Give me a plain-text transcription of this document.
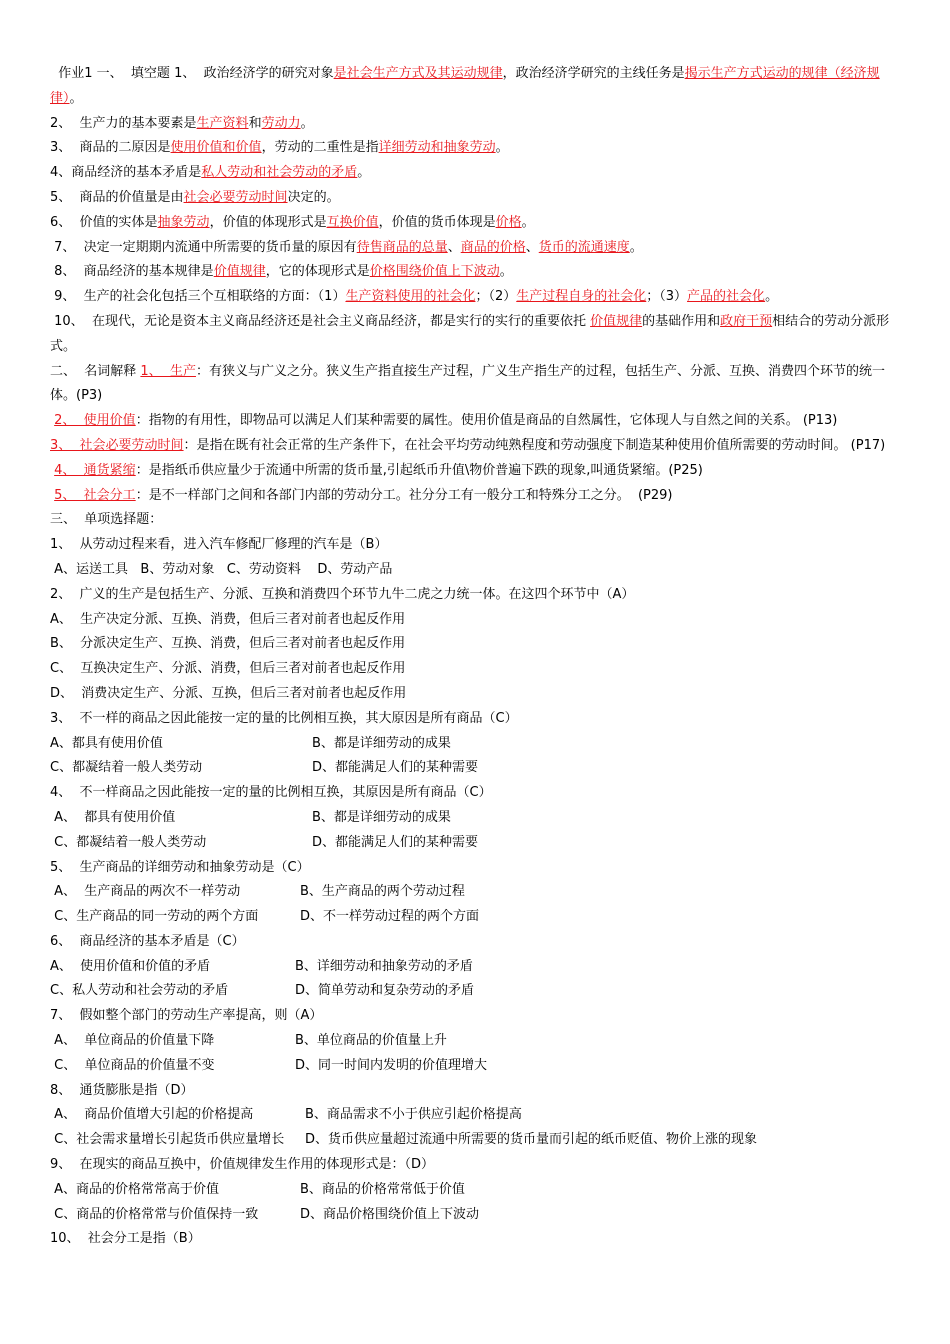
作业1 一、  填空题 1、  政治经济学的研究对象是社会生产方式及其运动规律，政治经济学研究的主线任务是揭示生产方式运动的规律（经济规律）。

2、  生产力的基本要素是生产资料和劳动力。

3、  商品的二原因是使用价值和价值，劳动的二重性是指详细劳动和抽象劳动。

4、商品经济的基本矛盾是私人劳动和社会劳动的矛盾。

5、  商品的价值量是由社会必要劳动时间决定的。

6、  价值的实体是抽象劳动，价值的体现形式是互换价值，价值的货币体现是价格。

7、  决定一定期期内流通中所需要的货币量的原因有待售商品的总量、商品的价格、货币的流通速度。

8、  商品经济的基本规律是价值规律，它的体现形式是价格围绕价值上下波动。

9、  生产的社会化包括三个互相联络的方面：（1）生产资料使用的社会化；（2）生产过程自身的社会化；（3）产品的社会化。

10、  在现代，无论是资本主义商品经济还是社会主义商品经济，都是实行的实行的重要依托 价值规律的基础作用和政府干预相结合的劳动分派形式。

二、  名词解释 1、  生产：有狭义与广义之分。狭义生产指直接生产过程，广义生产指生产的过程，包括生产、分派、互换、消费四个环节的统一体。(P3)

2、  使用价值：指物的有用性，即物品可以满足人们某种需要的属性。使用价值是商品的自然属性，它体现人与自然之间的关系。 (P13)

3、  社会必要劳动时间：是指在既有社会正常的生产条件下，在社会平均劳动纯熟程度和劳动强度下制造某种使用价值所需要的劳动时间。 (P17)

4、  通货紧缩：是指纸币供应量少于流通中所需的货币量,引起纸币升值\物价普遍下跌的现象,叫通货紧缩。(P25)

5、  社会分工：是不一样部门之间和各部门内部的劳动分工。社分分工有一般分工和特殊分工之分。  (P29)

三、  单项选择题：

1、  从劳动过程来看，进入汽车修配厂修理的汽车是（B）

A、运送工具   B、劳动对象   C、劳动资料    D、劳动产品

2、  广义的生产是包括生产、分派、互换和消费四个环节九牛二虎之力统一体。在这四个环节中（A）

A、  生产决定分派、互换、消费，但后三者对前者也起反作用

B、  分派决定生产、互换、消费，但后三者对前者也起反作用

C、  互换决定生产、分派、消费，但后三者对前者也起反作用

D、  消费决定生产、分派、互换，但后三者对前者也起反作用

3、  不一样的商品之因此能按一定的量的比例相互换，其大原因是所有商品（C）

A、都具有使用价值	B、都是详细劳动的成果
C、都凝结着一般人类劳动	D、都能满足人们的某种需要

4、  不一样商品之因此能按一定的量的比例相互换，其原因是所有商品（C）

A、  都具有使用价值	B、都是详细劳动的成果
C、都凝结着一般人类劳动	D、都能满足人们的某种需要

5、  生产商品的详细劳动和抽象劳动是（C）

A、  生产商品的两次不一样劳动	B、生产商品的两个劳动过程
C、生产商品的同一劳动的两个方面	D、不一样劳动过程的两个方面

6、  商品经济的基本矛盾是（C）

A、  使用价值和价值的矛盾	B、详细劳动和抽象劳动的矛盾
C、私人劳动和社会劳动的矛盾	D、简单劳动和复杂劳动的矛盾

7、  假如整个部门的劳动生产率提高，则（A）

A、  单位商品的价值量下降	B、单位商品的价值量上升
C、  单位商品的价值量不变	D、同一时间内发明的价值理增大

8、  通货膨胀是指（D）

A、  商品价值增大引起的价格提高	B、商品需求不小于供应引起价格提高
C、社会需求量增长引起货币供应量增长	D、货币供应量超过流通中所需要的货币量而引起的纸币贬值、物价上涨的现象

9、  在现实的商品互换中，价值规律发生作用的体现形式是：（D）

A、商品的价格常常高于价值	B、商品的价格常常低于价值
C、商品的价格常常与价值保持一致	D、商品价格围绕价值上下波动

10、  社会分工是指（B）
